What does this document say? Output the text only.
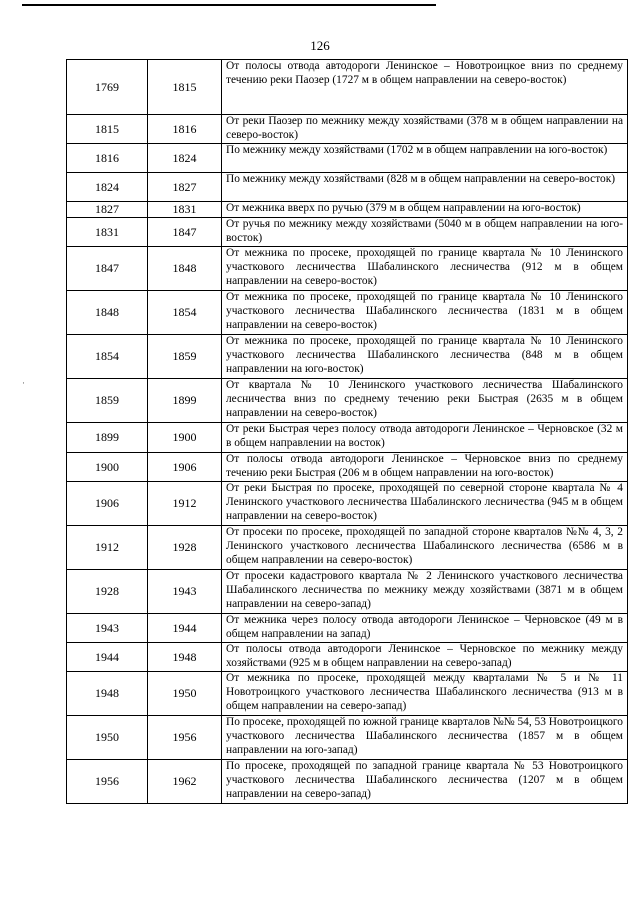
126
·
1769	1815	От полосы отвода автодороги Ленинское – Новотроицкое вниз по среднему течению реки Паозер (1727 м в общем направлении на северо-восток)
1815	1816	От реки Паозер по межнику между хозяйствами (378 м в общем направлении на северо-восток)
1816	1824	По межнику между хозяйствами (1702 м в общем направлении на юго-восток)
1824	1827	По межнику между хозяйствами (828 м в общем направлении на северо-восток)
1827	1831	От межника вверх по ручью (379 м в общем направлении на юго-восток)
1831	1847	От ручья по межнику между хозяйствами (5040 м в общем направлении на юго-восток)
1847	1848	От межника по просеке, проходящей по границе квартала № 10 Ленинского участкового лесничества Шабалинского лесничества (912 м в общем направлении на северо-восток)
1848	1854	От межника по просеке, проходящей по границе квартала № 10 Ленинского участкового лесничества Шабалинского лесничества (1831 м в общем направлении на северо-восток)
1854	1859	От межника по просеке, проходящей по границе квартала № 10 Ленинского участкового лесничества Шабалинского лесничества (848 м в общем направлении на юго-восток)
1859	1899	От квартала № 10 Ленинского участкового лесничества Шабалинского лесничества вниз по среднему течению реки Быстрая (2635 м в общем направлении на северо-восток)
1899	1900	От реки Быстрая через полосу отвода автодороги Ленинское – Черновское (32 м в общем направлении на восток)
1900	1906	От полосы отвода автодороги Ленинское – Черновское вниз по среднему течению реки Быстрая (206 м в общем направлении на юго-восток)
1906	1912	От реки Быстрая по просеке, проходящей по северной стороне квартала № 4 Ленинского участкового лесничества Шабалинского лесничества (945 м в общем направлении на северо-восток)
1912	1928	От просеки по просеке, проходящей по западной стороне кварталов №№ 4, 3, 2 Ленинского участкового лесничества Шабалинского лесничества (6586 м в общем направлении на северо-восток)
1928	1943	От просеки кадастрового квартала № 2 Ленинского участкового лесничества Шабалинского лесничества по межнику между хозяйствами (3871 м в общем направлении на северо-запад)
1943	1944	От межника через полосу отвода автодороги Ленинское – Черновское (49 м в общем направлении на запад)
1944	1948	От полосы отвода автодороги Ленинское – Черновское по межнику между хозяйствами (925 м в общем направлении на северо-запад)
1948	1950	От межника по просеке, проходящей между кварталами № 5 и № 11 Новотроицкого участкового лесничества Шабалинского лесничества (913 м в общем направлении на северо-запад)
1950	1956	По просеке, проходящей по южной границе кварталов №№ 54, 53 Новотроицкого участкового лесничества Шабалинского лесничества (1857 м в общем направлении на юго-запад)
1956	1962	По просеке, проходящей по западной границе квартала № 53 Новотроицкого участкового лесничества Шабалинского лесничества (1207 м в общем направлении на северо-запад)
